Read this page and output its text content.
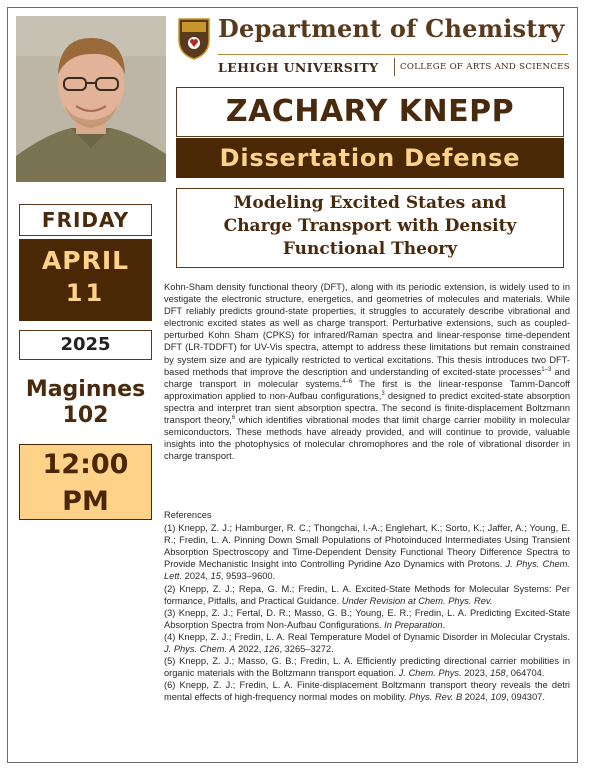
Department of Chemistry
LEHIGH UNIVERSITY	COLLEGE OF ARTS AND SCIENCES
ZACHARY KNEPP
Dissertation Defense
Modeling Excited States and
Charge Transport with Density
Functional Theory
FRIDAY
APRIL
11
2025
Maginnes
102
12:00
PM
Kohn-Sham density functional theory (DFT), along with its periodic extension, is widely used to in vestigate the electronic structure, energetics, and geometries of molecules and materials. While DFT reliably predicts ground-state properties, it struggles to accurately describe vibrational and electronic excited states as well as charge transport. Perturbative extensions, such as coupled-perturbed Kohn Sham (CPKS) for infrared/Raman spectra and linear-response time-dependent DFT (LR-TDDFT) for UV-Vis spectra, attempt to address these limitations but remain constrained by system size and are typically restricted to vertical excitations. This thesis introduces two DFT-based methods that improve the description and understanding of excited-state processes$^{1-3}$ and charge transport in molecular systems.$^{4-6}$ The first is the linear-response Tamm-Dancoff approximation applied to non-Aufbau configurations,$^3$ designed to predict excited-state absorption spectra and interpret tran sient absorption spectra. The second is finite-displacement Boltzmann transport theory,$^6$ which identifies vibrational modes that limit charge carrier mobility in molecular semiconductors. These methods have already provided, and will continue to provide, valuable insights into the photophysics of molecular chromophores and the role of vibrational disorder in charge transport.
References

(1) Knepp, Z. J.; Hamburger, R. C.; Thongchai, I.-A.; Englehart, K.; Sorto, K.; Jaffer, A.; Young, E. R.; Fredin, L. A. Pinning Down Small Populations of Photoinduced Intermediates Using Transient Absorption Spectroscopy and Time-Dependent Density Functional Theory Difference Spectra to Provide Mechanistic Insight into Controlling Pyridine Azo Dynamics with Protons. J. Phys. Chem. Lett. 2024, 15, 9593–9600.

(2) Knepp, Z. J.; Repa, G. M.; Fredin, L. A. Excited-State Methods for Molecular Systems: Per formance, Pitfalls, and Practical Guidance. Under Revision at Chem. Phys. Rev.

(3) Knepp, Z. J.; Fertal, D. R.; Masso, G. B.; Young, E. R.; Fredin, L. A. Predicting Excited-State Absorption Spectra from Non-Aufbau Configurations. In Preparation.

(4) Knepp, Z. J.; Fredin, L. A. Real Temperature Model of Dynamic Disorder in Molecular Crystals. J. Phys. Chem. A 2022, 126, 3265–3272.

(5) Knepp, Z. J.; Masso, G. B.; Fredin, L. A. Efficiently predicting directional carrier mobilities in organic materials with the Boltzmann transport equation. J. Chem. Phys. 2023, 158, 064704.

(6) Knepp, Z. J.; Fredin, L. A. Finite-displacement Boltzmann transport theory reveals the detri mental effects of high-frequency normal modes on mobility. Phys. Rev. B 2024, 109, 094307.
